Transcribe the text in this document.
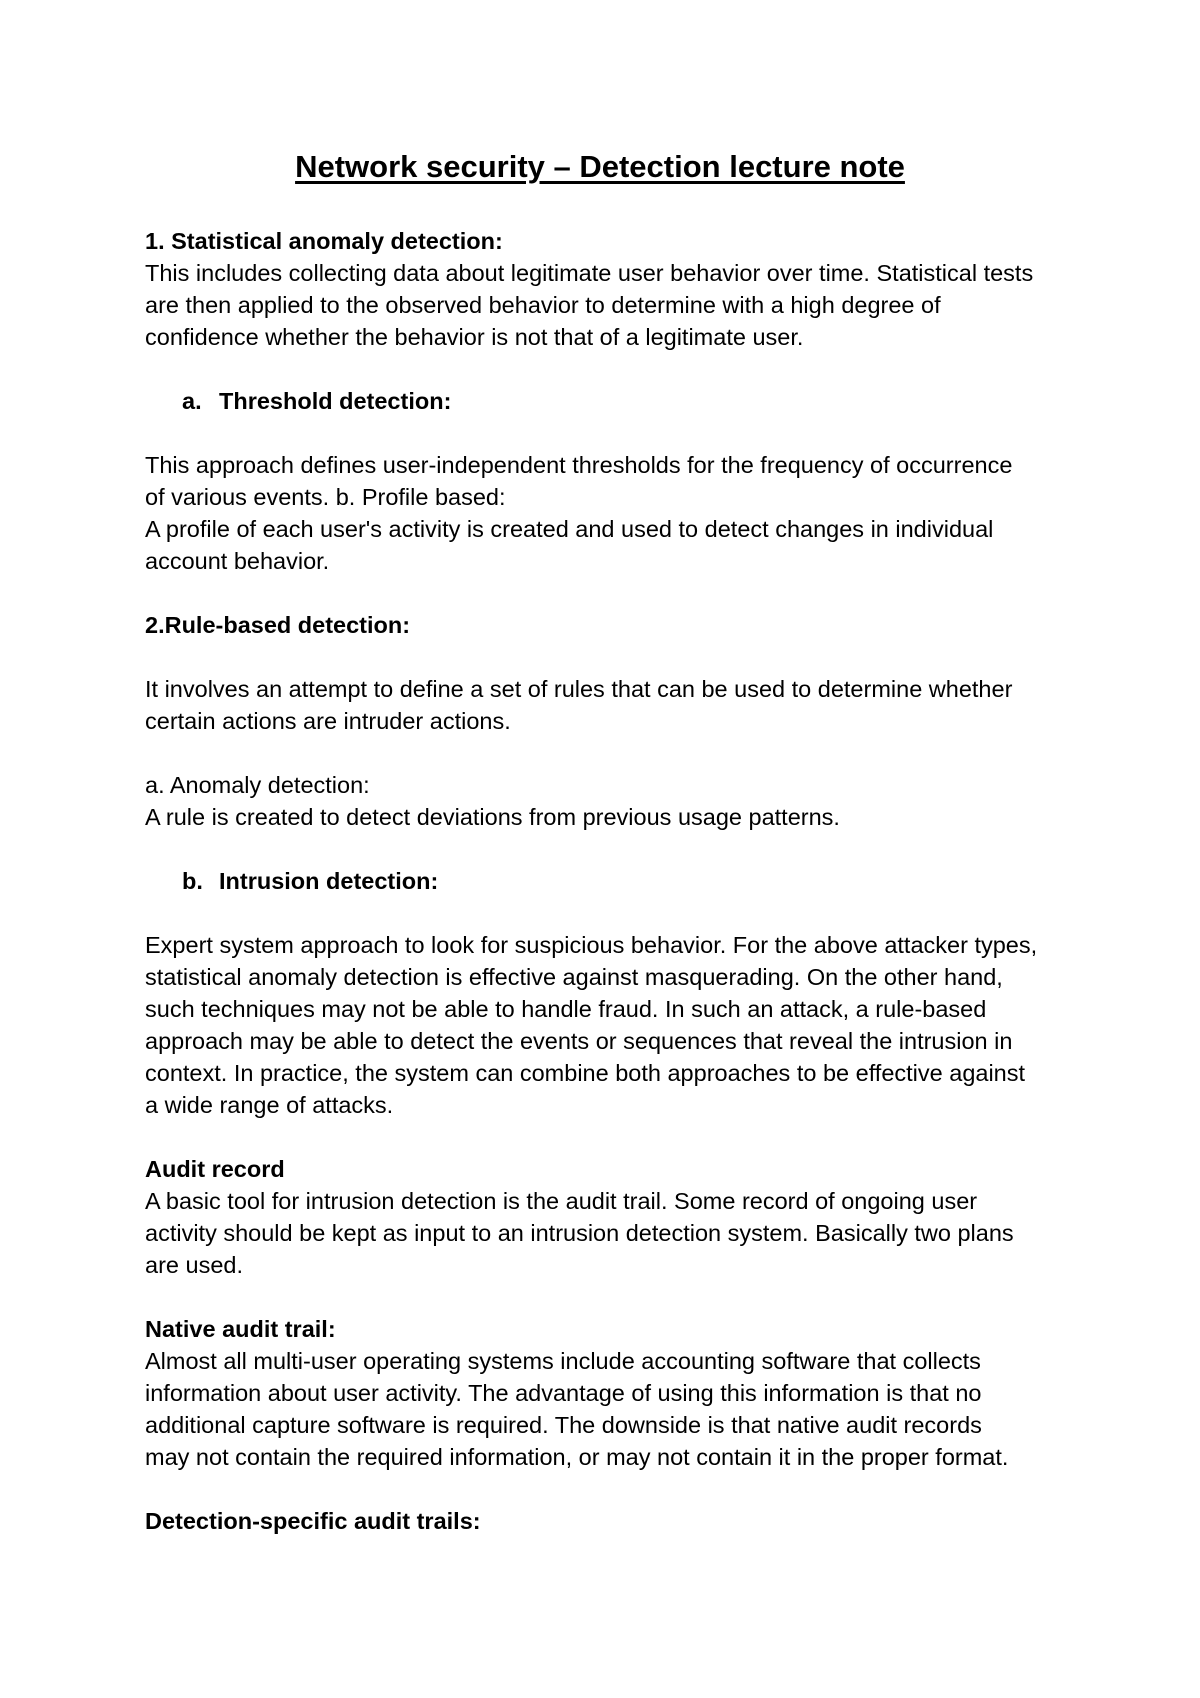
Network security – Detection lecture note

1. Statistical anomaly detection:

This includes collecting data about legitimate user behavior over time. Statistical tests

are then applied to the observed behavior to determine with a high degree of

confidence whether the behavior is not that of a legitimate user.

a. Threshold detection:

This approach defines user-independent thresholds for the frequency of occurrence

of various events. b. Profile based:

A profile of each user's activity is created and used to detect changes in individual

account behavior.

2.Rule-based detection:

It involves an attempt to define a set of rules that can be used to determine whether

certain actions are intruder actions.

a. Anomaly detection:

A rule is created to detect deviations from previous usage patterns.

b. Intrusion detection:

Expert system approach to look for suspicious behavior. For the above attacker types,

statistical anomaly detection is effective against masquerading. On the other hand,

such techniques may not be able to handle fraud. In such an attack, a rule-based

approach may be able to detect the events or sequences that reveal the intrusion in

context. In practice, the system can combine both approaches to be effective against

a wide range of attacks.

Audit record

A basic tool for intrusion detection is the audit trail. Some record of ongoing user

activity should be kept as input to an intrusion detection system. Basically two plans

are used.

Native audit trail:

Almost all multi-user operating systems include accounting software that collects

information about user activity. The advantage of using this information is that no

additional capture software is required. The downside is that native audit records

may not contain the required information, or may not contain it in the proper format.

Detection-specific audit trails:
